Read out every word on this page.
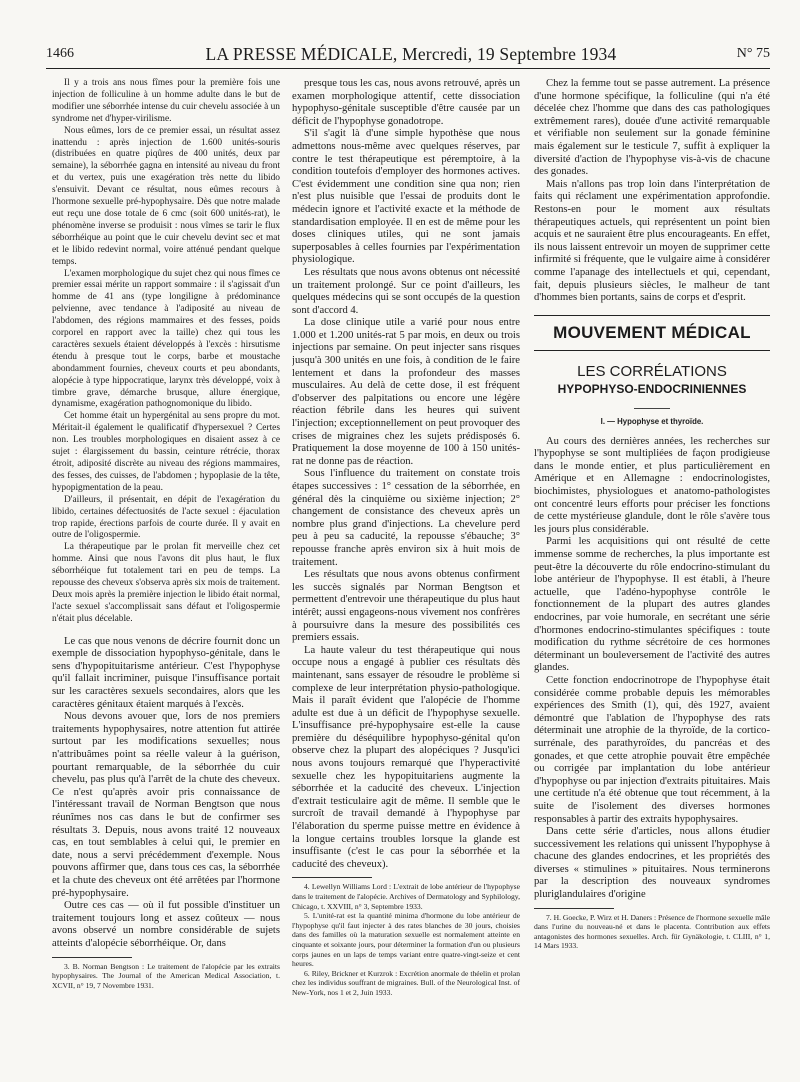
1466	LA PRESSE MÉDICALE, Mercredi, 19 Septembre 1934	N° 75

Il y a trois ans nous fîmes pour la première fois une injection de folliculine à un homme adulte dans le but de modifier une séborrhée intense du cuir chevelu associée à un syndrome net d'hyper-virilisme.

Nous eûmes, lors de ce premier essai, un résultat assez inattendu : après injection de 1.600 unités-souris (distribuées en quatre piqûres de 400 unités, deux par semaine), la séborrhée gagna en intensité au niveau du front et du vertex, puis une exagération très nette du libido s'ensuivit. Devant ce résultat, nous eûmes recours à l'hormone sexuelle pré-hypophysaire. Dès que notre malade eut reçu une dose totale de 6 cmc (soit 600 unités-rat), le phénomène inverse se produisit : nous vîmes se tarir le flux séborrhéique au point que le cuir chevelu devint sec et mat et le libido redevint normal, voire atténué pendant quelque temps.

L'examen morphologique du sujet chez qui nous fîmes ce premier essai mérite un rapport sommaire : il s'agissait d'un homme de 41 ans (type longiligne à prédominance pelvienne, avec tendance à l'adiposité au niveau de l'abdomen, des régions mammaires et des fesses, poids corporel en rapport avec la taille) chez qui tous les caractères sexuels étaient développés à l'excès : hirsutisme étendu à presque tout le corps, barbe et moustache abondamment fournies, cheveux courts et peu abondants, alopécie à type hippocratique, larynx très développé, voix à timbre grave, démarche brusque, allure énergique, dynamisme, exagération pathognomonique du libido.

Cet homme était un hypergénital au sens propre du mot. Méritait-il également le qualificatif d'hypersexuel ? Certes non. Les troubles morphologiques en disaient assez à ce sujet : élargissement du bassin, ceinture rétrécie, thorax étroit, adiposité discrète au niveau des régions mammaires, des fesses, des cuisses, de l'abdomen ; hypoplasie de la tête, hypopigmentation de la peau.

D'ailleurs, il présentait, en dépit de l'exagération du libido, certaines défectuosités de l'acte sexuel : éjaculation trop rapide, érections parfois de courte durée. Il y avait en outre de l'oligospermie.

La thérapeutique par le prolan fit merveille chez cet homme. Ainsi que nous l'avons dit plus haut, le flux séborrhéique fut totalement tari en peu de temps. La repousse des cheveux s'observa après six mois de traitement. Deux mois après la première injection le libido était normal, l'acte sexuel s'accomplissait sans défaut et l'oligospermie n'était plus décelable.

Le cas que nous venons de décrire fournit donc un exemple de dissociation hypophyso-génitale, dans le sens d'hypopituitarisme antérieur. C'est l'hypophyse qu'il fallait incriminer, puisque l'insuffisance portait sur les caractères sexuels secondaires, alors que les caractères génitaux étaient marqués à l'excès.

Nous devons avouer que, lors de nos premiers traitements hypophysaires, notre attention fut attirée surtout par les modifications sexuelles; nous n'attribuâmes point sa réelle valeur à la guérison, pourtant remarquable, de la séborrhée du cuir chevelu, pas plus qu'à l'arrêt de la chute des cheveux. Ce n'est qu'après avoir pris connaissance de l'intéressant travail de Norman Bengtson que nous réunîmes nos cas dans le but de confirmer ses résultats 3. Depuis, nous avons traité 12 nouveaux cas, en tout semblables à celui qui, le premier en date, nous a servi précédemment d'exemple. Nous pouvons affirmer que, dans tous ces cas, la séborrhée et la chute des cheveux ont été arrêtées par l'hormone pré-hypophysaire.

Outre ces cas — où il fut possible d'instituer un traitement toujours long et assez coûteux — nous avons observé un nombre considérable de sujets atteints d'alopécie séborrhéique. Or, dans

3. B. Norman Bengtson : Le traitement de l'alopécie par les extraits hypophysaires. The Journal of the American Medical Association, t. XCVII, n° 19, 7 Novembre 1931.

presque tous les cas, nous avons retrouvé, après un examen morphologique attentif, cette dissociation hypophyso-génitale susceptible d'être causée par un déficit de l'hypophyse gonadotrope.

S'il s'agit là d'une simple hypothèse que nous admettons nous-même avec quelques réserves, par contre le test thérapeutique est péremptoire, à la condition toutefois d'employer des hormones actives. C'est évidemment une condition sine qua non; rien n'est plus nuisible que l'essai de produits dont le médecin ignore et l'activité exacte et la méthode de standardisation employée. Il en est de même pour les doses cliniques utiles, qui ne sont jamais superposables à celles fournies par l'expérimentation physiologique.

Les résultats que nous avons obtenus ont nécessité un traitement prolongé. Sur ce point d'ailleurs, les quelques médecins qui se sont occupés de la question sont d'accord 4.

La dose clinique utile a varié pour nous entre 1.000 et 1.200 unités-rat 5 par mois, en deux ou trois injections par semaine. On peut injecter sans risques jusqu'à 300 unités en une fois, à condition de le faire lentement et dans la profondeur des masses musculaires. Au delà de cette dose, il est fréquent d'observer des palpitations ou encore une légère réaction fébrile dans les heures qui suivent l'injection; exceptionnellement on peut provoquer des crises de migraines chez les sujets prédisposés 6. Pratiquement la dose moyenne de 100 à 150 unités-rat ne donne pas de réaction.

Sous l'influence du traitement on constate trois étapes successives : 1° cessation de la séborrhée, en général dès la cinquième ou sixième injection; 2° changement de consistance des cheveux après un nombre plus grand d'injections. La chevelure perd peu à peu sa caducité, la repousse s'ébauche; 3° repousse franche après environ six à huit mois de traitement.

Les résultats que nous avons obtenus confirment les succès signalés par Norman Bengtson et permettent d'entrevoir une thérapeutique du plus haut intérêt; aussi engageons-nous vivement nos confrères à poursuivre dans la mesure des possibilités ces premiers essais.

La haute valeur du test thérapeutique qui nous occupe nous a engagé à publier ces résultats dès maintenant, sans essayer de résoudre le problème si complexe de leur interprétation physio-pathologique. Mais il paraît évident que l'alopécie de l'homme adulte est due à un déficit de l'hypophyse sexuelle. L'insuffisance pré-hypophysaire est-elle la cause première du déséquilibre hypophyso-génital qu'on observe chez la plupart des alopéciques ? Jusqu'ici nous avons toujours remarqué que l'hyperactivité sexuelle chez les hypopituitariens augmente la séborrhée et la caducité des cheveux. L'injection d'extrait testiculaire agit de même. Il semble que le surcroît de travail demandé à l'hypophyse par l'élaboration du sperme puisse mettre en évidence à la longue certains troubles lorsque la glande est insuffisante (c'est le cas pour la séborrhée et la caducité des cheveux).

4. Lewellyn Williams Lord : L'extrait de lobe antérieur de l'hypophyse dans le traitement de l'alopécie. Archives of Dermatology and Syphilology, Chicago, t. XXVIII, n° 3, Septembre 1933.

5. L'unité-rat est la quantité minima d'hormone du lobe antérieur de l'hypophyse qu'il faut injecter à des rates blanches de 30 jours, choisies dans des familles où la maturation sexuelle est normalement atteinte en cinquante et soixante jours, pour déterminer la formation d'un ou plusieurs corps jaunes en un laps de temps variant entre quatre-vingt-seize et cent heures.

6. Riley, Brickner et Kurzrok : Excrétion anormale de théelin et prolan chez les individus souffrant de migraines. Bull. of the Neurological Inst. of New-York, nos 1 et 2, Juin 1933.

Chez la femme tout se passe autrement. La présence d'une hormone spécifique, la folliculine (qui n'a été décelée chez l'homme que dans des cas pathologiques extrêmement rares), douée d'une activité remarquable et vérifiable non seulement sur la gonade féminine mais également sur le testicule 7, suffit à expliquer la diversité d'action de l'hypophyse vis-à-vis de chacune des gonades.

Mais n'allons pas trop loin dans l'interprétation de faits qui réclament une expérimentation approfondie. Restons-en pour le moment aux résultats thérapeutiques actuels, qui représentent un point bien acquis et ne sauraient être plus encourageants. En effet, ils nous laissent entrevoir un moyen de supprimer cette infirmité si fréquente, que le vulgaire aime à considérer comme l'apanage des intellectuels et qui, cependant, fait, depuis plusieurs siècles, le malheur de tant d'hommes bien portants, sains de corps et d'esprit.

MOUVEMENT MÉDICAL
LES CORRÉLATIONS
HYPOPHYSO-ENDOCRINIENNES
I. — Hypophyse et thyroïde.

Au cours des dernières années, les recherches sur l'hypophyse se sont multipliées de façon prodigieuse dans le monde entier, et plus particulièrement en Amérique et en Allemagne : endocrinologistes, biochimistes, physiologues et anatomo-pathologistes ont concentré leurs efforts pour préciser les fonctions de cette mystérieuse glandule, dont le rôle s'avère tous les jours plus considérable.

Parmi les acquisitions qui ont résulté de cette immense somme de recherches, la plus importante est peut-être la découverte du rôle endocrino-stimulant du lobe antérieur de l'hypophyse. Il est établi, à l'heure actuelle, que l'adéno-hypophyse contrôle le fonctionnement de la plupart des autres glandes endocrines, par voie humorale, en secrétant une série d'hormones endocrino-stimulantes spécifiques : toute modification du rythme sécrétoire de ces hormones déterminant un bouleversement de l'activité des autres glandes.

Cette fonction endocrinotrope de l'hypophyse était considérée comme probable depuis les mémorables expériences des Smith (1), qui, dès 1927, avaient démontré que l'ablation de l'hypophyse des rats déterminait une atrophie de la thyroïde, de la cortico-surrénale, des parathyroïdes, du pancréas et des gonades, et que cette atrophie pouvait être empêchée ou corrigée par implantation du lobe antérieur d'hypophyse ou par injection d'extraits pituitaires. Mais une certitude n'a été obtenue que tout récemment, à la suite de l'isolement des diverses hormones responsables à partir des extraits hypophysaires.

Dans cette série d'articles, nous allons étudier successivement les relations qui unissent l'hypophyse à chacune des glandes endocrines, et les propriétés des diverses « stimulines » pituitaires. Nous terminerons par la description des nouveaux syndromes pluriglandulaires d'origine

7. H. Goecke, P. Wirz et H. Daners : Présence de l'hormone sexuelle mâle dans l'urine du nouveau-né et dans le placenta. Contribution aux effets antagonistes des hormones sexuelles. Arch. für Gynäkologie, t. CLIII, n° 1, 14 Mars 1933.
